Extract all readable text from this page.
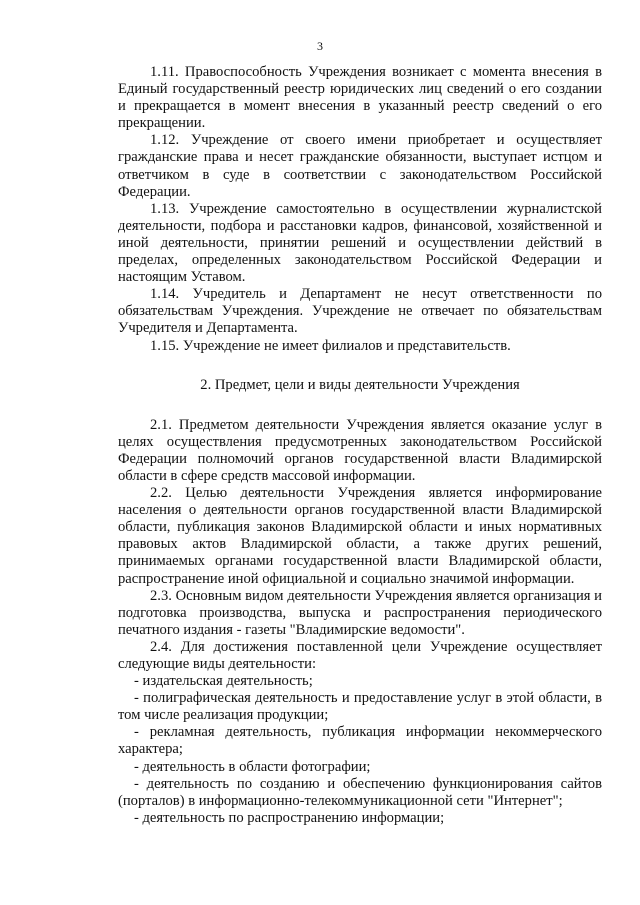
3

1.11. Правоспособность Учреждения возникает с момента внесения в Единый государственный реестр юридических лиц сведений о его создании и прекращается в момент внесения в указанный реестр сведений о его прекращении.

1.12. Учреждение от своего имени приобретает и осуществляет гражданские права и несет гражданские обязанности, выступает истцом и ответчиком в суде в соответствии с законодательством Российской Федерации.

1.13. Учреждение самостоятельно в осуществлении журналистской деятельности, подбора и расстановки кадров, финансовой, хозяйственной и иной деятельности, принятии решений и осуществлении действий в пределах, определенных законодательством Российской Федерации и настоящим Уставом.

1.14. Учредитель и Департамент не несут ответственности по обязательствам Учреждения. Учреждение не отвечает по обязательствам Учредителя и Департамента.

1.15. Учреждение не имеет филиалов и представительств.

2. Предмет, цели и виды деятельности Учреждения

2.1. Предметом деятельности Учреждения является оказание услуг в целях осуществления предусмотренных законодательством Российской Федерации полномочий органов государственной власти Владимирской области в сфере средств массовой информации.

2.2. Целью деятельности Учреждения является информирование населения о деятельности органов государственной власти Владимирской области, публикация законов Владимирской области и иных нормативных правовых актов Владимирской области, а также других решений, принимаемых органами государственной власти Владимирской области, распространение иной официальной и социально значимой информации.

2.3. Основным видом деятельности Учреждения является организация и подготовка производства, выпуска и распространения периодического печатного издания - газеты "Владимирские ведомости".

2.4. Для достижения поставленной цели Учреждение осуществляет следующие виды деятельности:

- издательская деятельность;

- полиграфическая деятельность и предоставление услуг в этой области, в том числе реализация продукции;

- рекламная деятельность, публикация информации некоммерческого характера;

- деятельность в области фотографии;

- деятельность по созданию и обеспечению функционирования сайтов (порталов) в информационно-телекоммуникационной сети "Интернет";

- деятельность по распространению информации;
